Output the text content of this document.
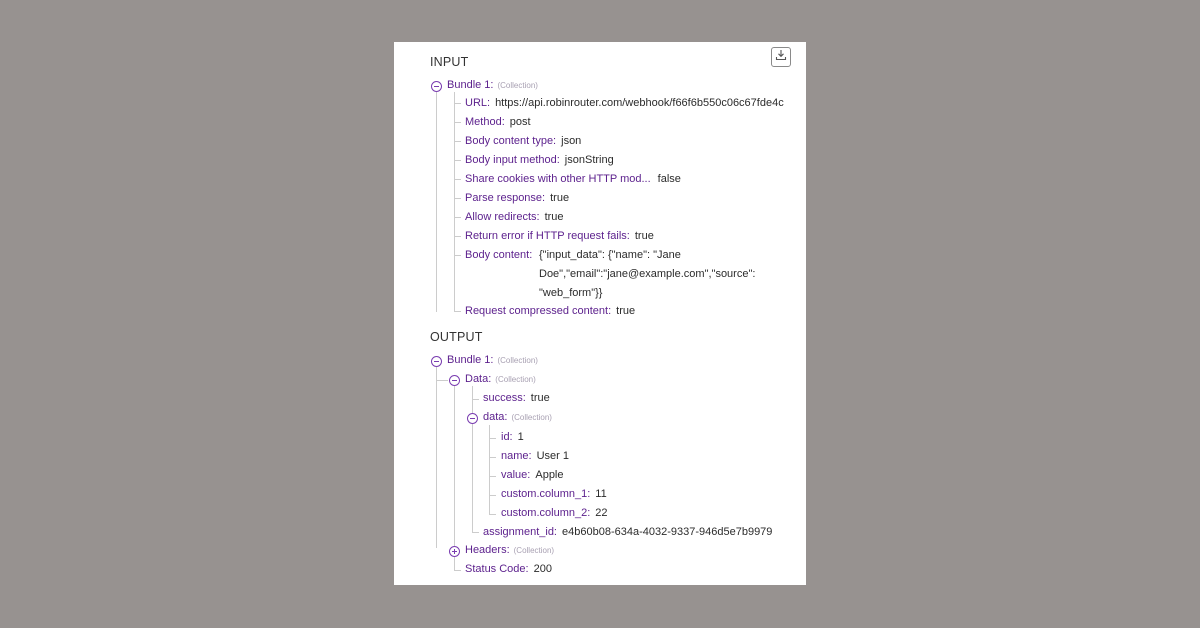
INPUT
Bundle 1: (Collection)
URL: https://api.robinrouter.com/webhook/f66f6b550c06c67fde4c
Method: post
Body content type: json
Body input method: jsonString
Share cookies with other HTTP mod... false
Parse response: true
Allow redirects: true
Return error if HTTP request fails: true
Body content: {"input_data": {"name": "Jane
Doe","email":"jane@example.com","source":
"web_form"}}
Request compressed content: true
OUTPUT
Bundle 1: (Collection)
Data: (Collection)
success: true
data: (Collection)
id: 1
name: User 1
value: Apple
custom.column_1: 11
custom.column_2: 22
assignment_id: e4b60b08-634a-4032-9337-946d5e7b9979
Headers: (Collection)
Status Code: 200
